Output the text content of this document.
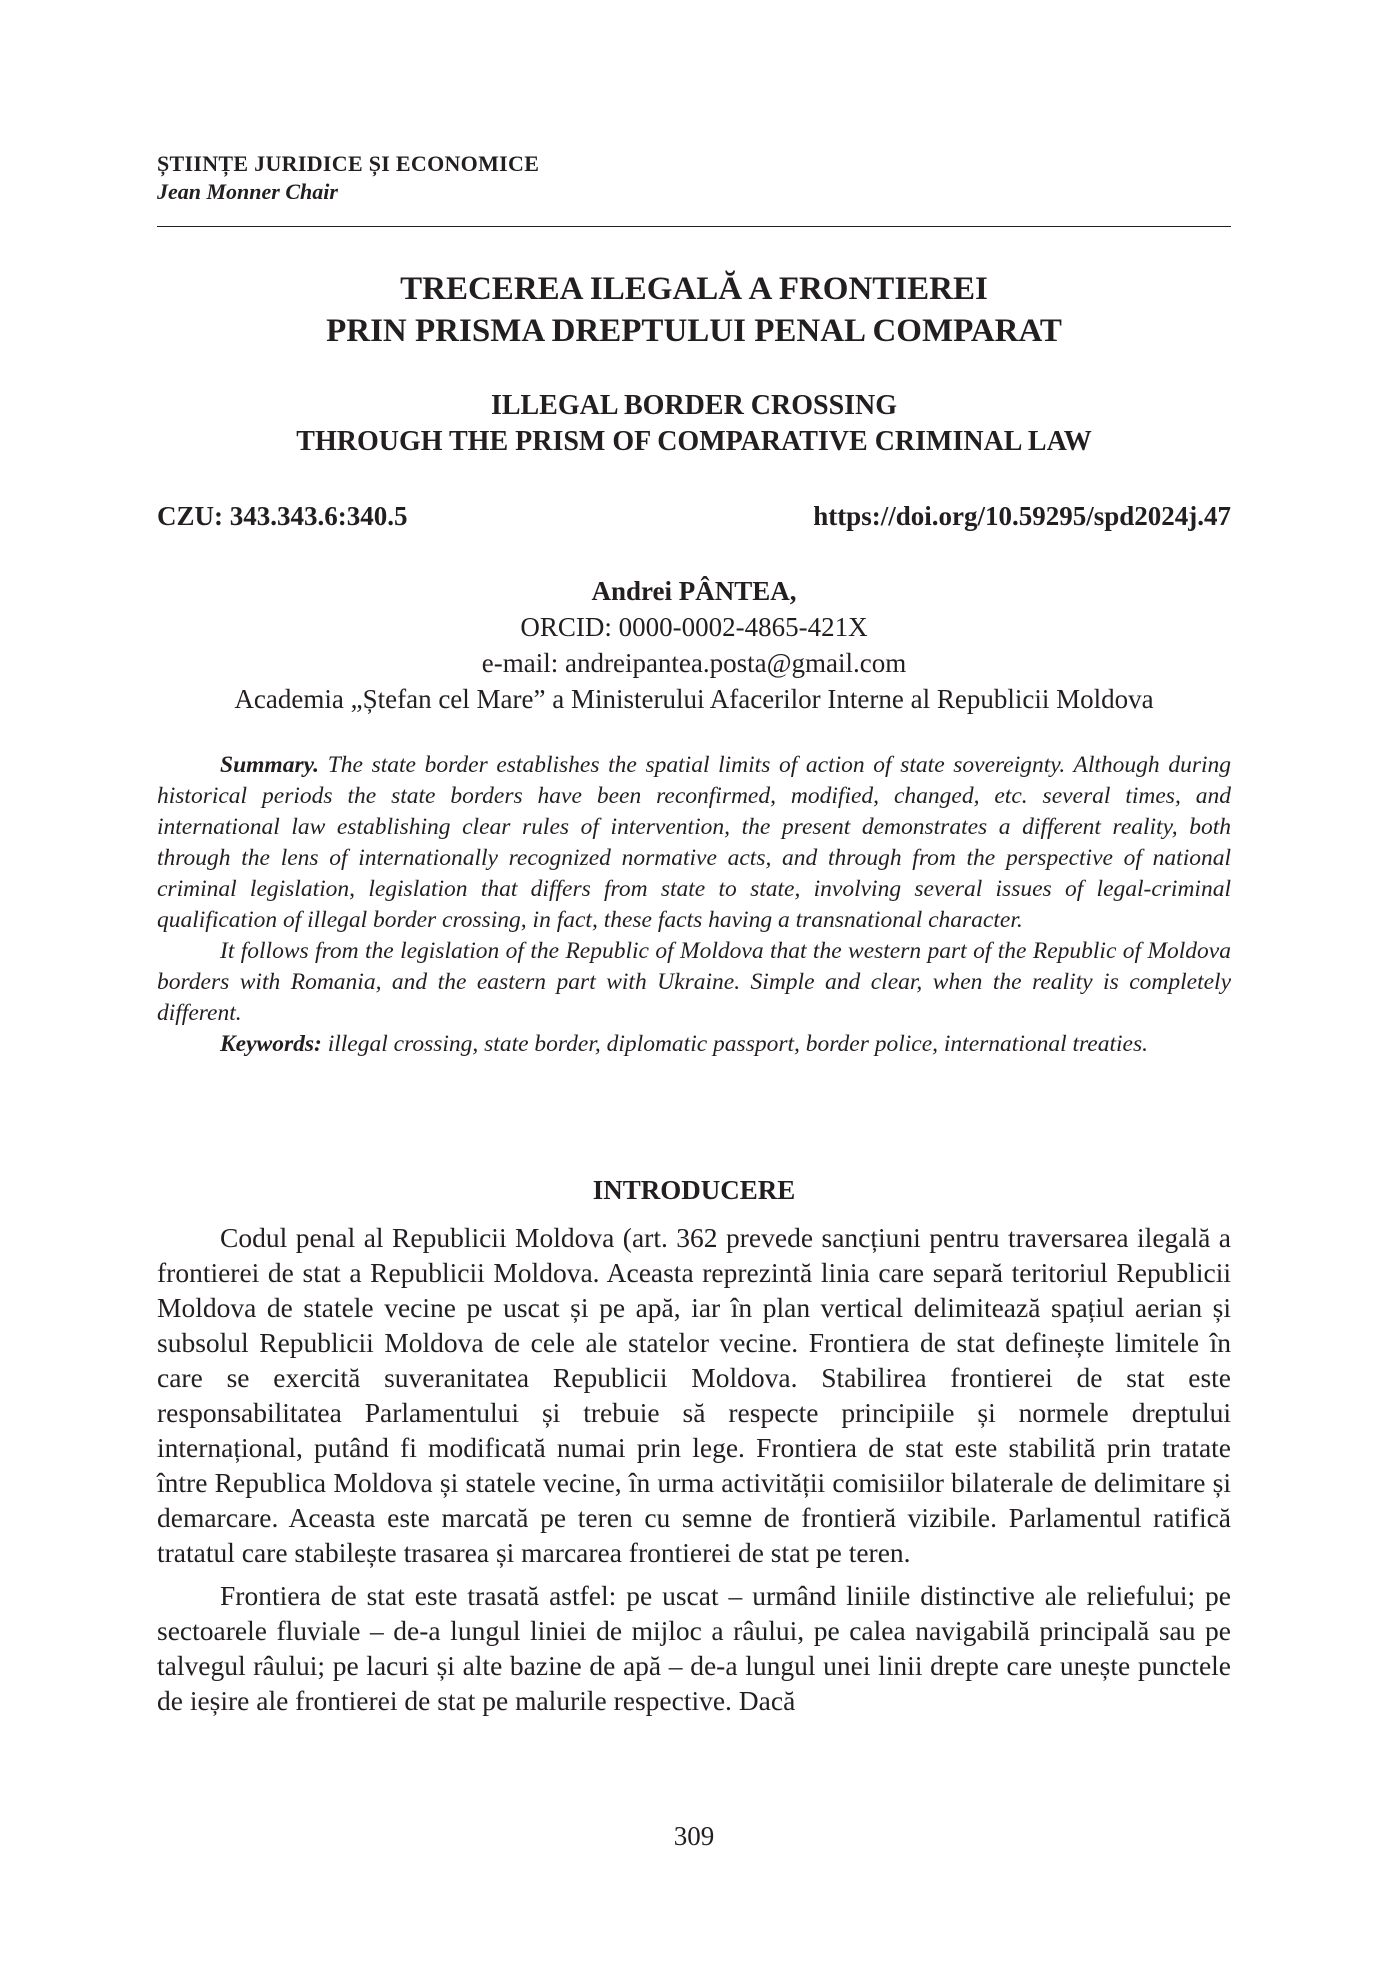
ȘTIINȚE JURIDICE ȘI ECONOMICE
Jean Monner Chair
TRECEREA ILEGALĂ A FRONTIEREI
PRIN PRISMA DREPTULUI PENAL COMPARAT
ILLEGAL BORDER CROSSING
THROUGH THE PRISM OF COMPARATIVE CRIMINAL LAW
CZU: 343.343.6:340.5	https://doi.org/10.59295/spd2024j.47
Andrei PÂNTEA,
ORCID: 0000-0002-4865-421X
e-mail: andreipantea.posta@gmail.com
Academia „Ștefan cel Mare” a Ministerului Afacerilor Interne al Republicii Moldova

Summary. The state border establishes the spatial limits of action of state sovereignty. Although during historical periods the state borders have been reconfirmed, modified, changed, etc. several times, and international law establishing clear rules of intervention, the present demonstrates a different reality, both through the lens of internationally recognized normative acts, and through from the perspective of national criminal legislation, legislation that differs from state to state, involving several issues of legal-criminal qualification of illegal border crossing, in fact, these facts having a transnational character.

It follows from the legislation of the Republic of Moldova that the western part of the Republic of Moldova borders with Romania, and the eastern part with Ukraine. Simple and clear, when the reality is completely different.

Keywords: illegal crossing, state border, diplomatic passport, border police, international treaties.

INTRODUCERE

Codul penal al Republicii Moldova (art. 362 prevede sancțiuni pentru traversarea ilegală a frontierei de stat a Republicii Moldova. Aceasta reprezintă linia care separă teritoriul Republicii Moldova de statele vecine pe uscat și pe apă, iar în plan vertical delimitează spațiul aerian și subsolul Republicii Moldova de cele ale statelor vecine. Frontiera de stat definește limitele în care se exercită suveranitatea Republicii Moldova. Stabilirea frontierei de stat este responsabilitatea Parlamentului și trebuie să respecte principiile și normele dreptului internațional, putând fi modificată numai prin lege. Frontiera de stat este stabilită prin tratate între Republica Moldova și statele vecine, în urma activității comisiilor bilaterale de delimitare și demarcare. Aceasta este marcată pe teren cu semne de frontieră vizibile. Parlamentul ratifică tratatul care stabilește trasarea și marcarea frontierei de stat pe teren.

Frontiera de stat este trasată astfel: pe uscat – urmând liniile distinctive ale reliefului; pe sectoarele fluviale – de-a lungul liniei de mijloc a râului, pe calea navigabilă principală sau pe talvegul râului; pe lacuri și alte bazine de apă – de-a lungul unei linii drepte care unește punctele de ieșire ale frontierei de stat pe malurile respective. Dacă

309
